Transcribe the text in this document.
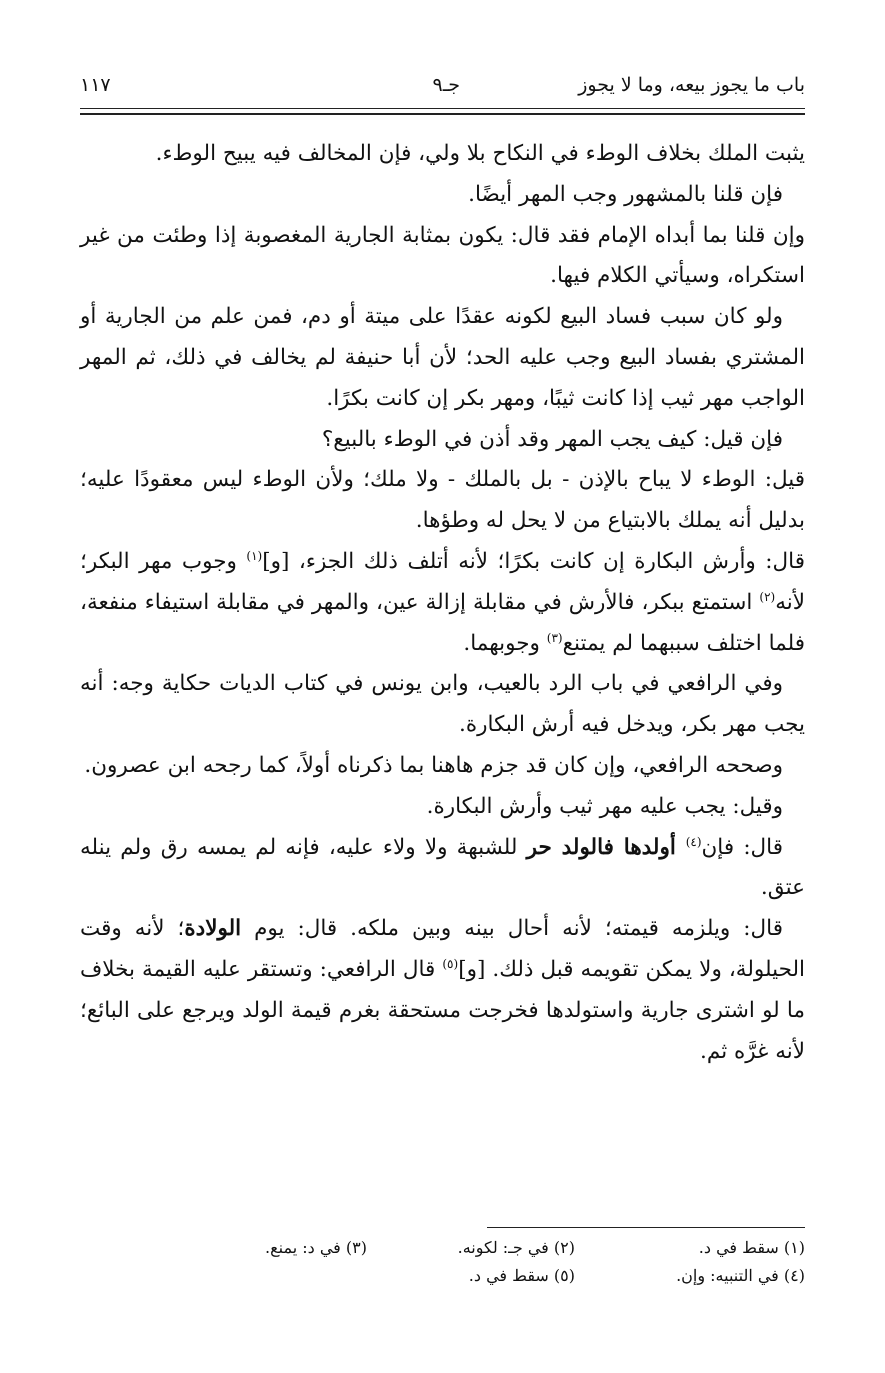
باب ما يجوز بيعه، وما لا يجوز
جـ٩
١١٧

يثبت الملك بخلاف الوطء في النكاح بلا ولي، فإن المخالف فيه يبيح الوطء.

فإن قلنا بالمشهور وجب المهر أيضًا.

وإن قلنا بما أبداه الإمام فقد قال: يكون بمثابة الجارية المغصوبة إذا وطئت من غير استكراه، وسيأتي الكلام فيها.

ولو كان سبب فساد البيع لكونه عقدًا على ميتة أو دم، فمن علم من الجارية أو المشتري بفساد البيع وجب عليه الحد؛ لأن أبا حنيفة لم يخالف في ذلك، ثم المهر الواجب مهر ثيب إذا كانت ثيبًا، ومهر بكر إن كانت بكرًا.

فإن قيل: كيف يجب المهر وقد أذن في الوطء بالبيع؟

قيل: الوطء لا يباح بالإذن - بل بالملك - ولا ملك؛ ولأن الوطء ليس معقودًا عليه؛ بدليل أنه يملك بالابتياع من لا يحل له وطؤها.

قال: وأرش البكارة إن كانت بكرًا؛ لأنه أتلف ذلك الجزء، [و]$^{(١)}$ وجوب مهر البكر؛ لأنه$^{(٢)}$ استمتع ببكر، فالأرش في مقابلة إزالة عين، والمهر في مقابلة استيفاء منفعة، فلما اختلف سببهما لم يمتنع$^{(٣)}$ وجوبهما.

وفي الرافعي في باب الرد بالعيب، وابن يونس في كتاب الديات حكاية وجه: أنه يجب مهر بكر، ويدخل فيه أرش البكارة.

وصححه الرافعي، وإن كان قد جزم هاهنا بما ذكرناه أولاً، كما رجحه ابن عصرون.

وقيل: يجب عليه مهر ثيب وأرش البكارة.

قال: فإن$^{(٤)}$ أولدها فالولد حر للشبهة ولا ولاء عليه، فإنه لم يمسه رق ولم ينله عتق.

قال: ويلزمه قيمته؛ لأنه أحال بينه وبين ملكه. قال: يوم الولادة؛ لأنه وقت الحيلولة، ولا يمكن تقويمه قبل ذلك. [و]$^{(٥)}$ قال الرافعي: وتستقر عليه القيمة بخلاف ما لو اشترى جارية واستولدها فخرجت مستحقة بغرم قيمة الولد ويرجع على البائع؛ لأنه غرَّه ثم.

(١) سقط في د.
(٢) في جـ: لكونه.
(٣) في د: يمنع.
(٤) في التنبيه: وإن.
(٥) سقط في د.
